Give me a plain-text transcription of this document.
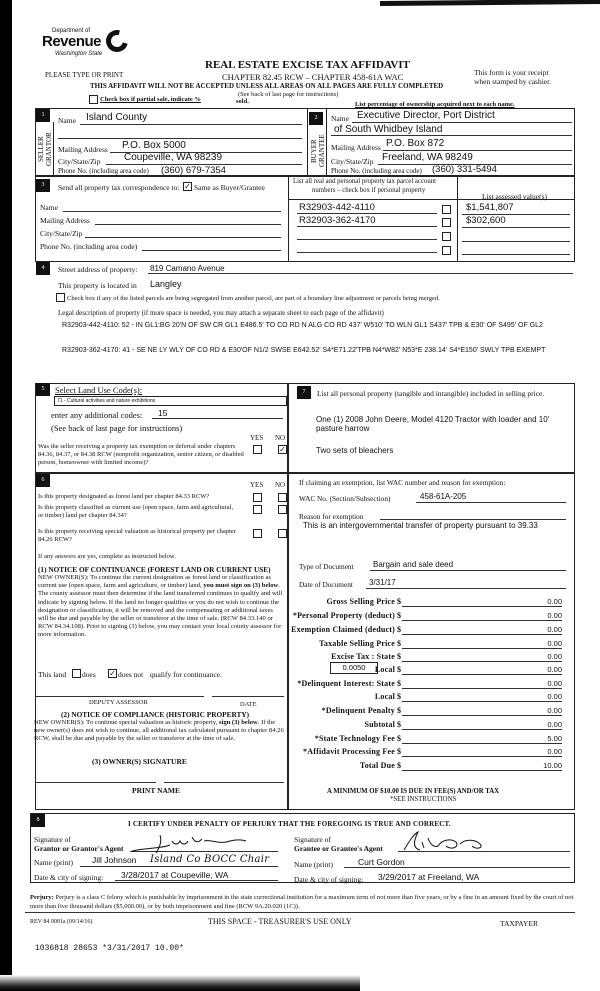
Department of
Revenue
Washington State
PLEASE TYPE OR PRINT
REAL ESTATE EXCISE TAX AFFIDAVIT
CHAPTER 82.45 RCW – CHAPTER 458-61A WAC
THIS AFFIDAVIT WILL NOT BE ACCEPTED UNLESS ALL AREAS ON ALL PAGES ARE FULLY COMPLETED
This form is your receipt
when stamped by cashier.
(See back of last page for instructions)
Check box if partial sale, indicate %	sold.	List percentage of ownership acquired next to each name.
1
SELLER GRANTOR
Name Island County
Mailing Address P.O. Box 5000
City/State/Zip Coupeville, WA 98239
Phone No. (including area code) (360) 679-7354
2
BUYER GRANTEE
Name Executive Director, Port District
of South Whidbey Island
Mailing Address P.O. Box 872
City/State/Zip Freeland, WA 98249
Phone No. (including area code) (360) 331-5494
3	Send all property tax correspondence to: ✓ Same as Buyer/Grantee
Name
Mailing Address
City/State/Zip
Phone No. (including area code)
List all real and personal property tax parcel account
numbers – check box if personal property
List assessed value(s)
R32903-442-4110	$1,541,807
R32903-362-4170	$302,600
4	Street address of property: 819 Camano Avenue
This property is located in Langley
Check box if any of the listed parcels are being segregated from another parcel, are part of a boundary line adjustment or parcels being merged.
Legal description of property (if more space is needed, you may attach a separate sheet to each page of the affidavit)
R32903-442-4110: 52 - IN GL1:BG 20'N OF SW CR GL1 E486.5' TO CO RD N ALG CO RD 437' W510' TO WLN GL1 S437' TPB & E30' OF S495' OF GL2
R32903-362-4170: 41 - SE NE LY WLY OF CO RD & E30'OF N1/2 SWSE E642.52' S4*E71.22'TPB N4*W82' N53*E 238.14' S4*E150' SWLY TPB EXEMPT
5	Select Land Use Code(s):
71 - Cultural activities and nature exhibitions
enter any additional codes: 15
(See back of last page for instructions)
YES NO
Was the seller receiving a property tax exemption or deferral under chapters 84.36, 84.37, or 84.38 RCW (nonprofit organization, senior citizen, or disabled person, homeowner with limited income)?
✓
7	List all personal property (tangible and intangible) included in selling price.
One (1) 2008 John Deere, Model 4120 Tractor with loader and 10' pasture harrow
Two sets of bleachers
6
YES NO
Is this property designated as forest land per chapter 84.33 RCW?
Is this property classified as current use (open space, farm and agricultural, or timber) land per chapter 84.34?
Is this property receiving special valuation as historical property per chapter 84.26 RCW?
If any answers are yes, complete as instructed below.
(1) NOTICE OF CONTINUANCE (FOREST LAND OR CURRENT USE)
NEW OWNER(S): To continue the current designation as forest land or classification as current use (open space, farm and agriculture, or timber) land, you must sign on (3) below. The county assessor must then determine if the land transferred continues to qualify and will indicate by signing below. If the land no longer qualifies or you do not wish to continue the designation or classification, it will be removed and the compensating or additional taxes will be due and payable by the seller or transferor at the time of sale. (RCW 84.33.140 or RCW 84.34.108). Prior to signing (3) below, you may contact your local county assessor for more information.
This land does ✓ does not qualify for continuance.
DEPUTY ASSESSOR	DATE
(2) NOTICE OF COMPLIANCE (HISTORIC PROPERTY)
NEW OWNER(S): To continue special valuation as historic property, sign (3) below. If the new owner(s) does not wish to continue, all additional tax calculated pursuant to chapter 84.26 RCW, shall be due and payable by the seller or transferor at the time of sale.
(3) OWNER(S) SIGNATURE
PRINT NAME
If claiming an exemption, list WAC number and reason for exemption:
WAC No. (Section/Subsection)	458-61A-205
Reason for exemption
This is an intergovernmental transfer of property pursuant to 39.33
Type of Document Bargain and sale deed
Date of Document 3/31/17
Gross Selling Price $	0.00
*Personal Property (deduct) $	0.00
Exemption Claimed (deduct) $	0.00
Taxable Selling Price $	0.00
Excise Tax : State $	0.00
0.0050	Local $	0.00
*Delinquent Interest: State $	0.00
Local $	0.00
*Delinquent Penalty $	0.00
Subtotal $	0.00
*State Technology Fee $	5.00
*Affidavit Processing Fee $	0.00
Total Due $	10.00
A MINIMUM OF $10.00 IS DUE IN FEE(S) AND/OR TAX
*SEE INSTRUCTIONS
8	I CERTIFY UNDER PENALTY OF PERJURY THAT THE FOREGOING IS TRUE AND CORRECT.
Signature of
Grantor or Grantor's Agent
Name (print) Jill Johnson Island Co BOCC Chair
Date & city of signing: 3/28/2017 at Coupeville, WA
Signature of
Grantee or Grantee's Agent
Name (print)	Curt Gordon
Date & city of signing: 3/29/2017 at Freeland, WA
Perjury: Perjury is a class C felony which is punishable by imprisonment in the state correctional institution for a maximum term of not more than five years, or by a fine in an amount fixed by the court of not more than five thousand dollars ($5,000.00), or by both imprisonment and fine (RCW 9A.20.020 (1C)).
REV 84 0001a (09/14/16)	THIS SPACE - TREASURER'S USE ONLY	TAXPAYER
1036818 28653 *3/31/2017 10.00*
